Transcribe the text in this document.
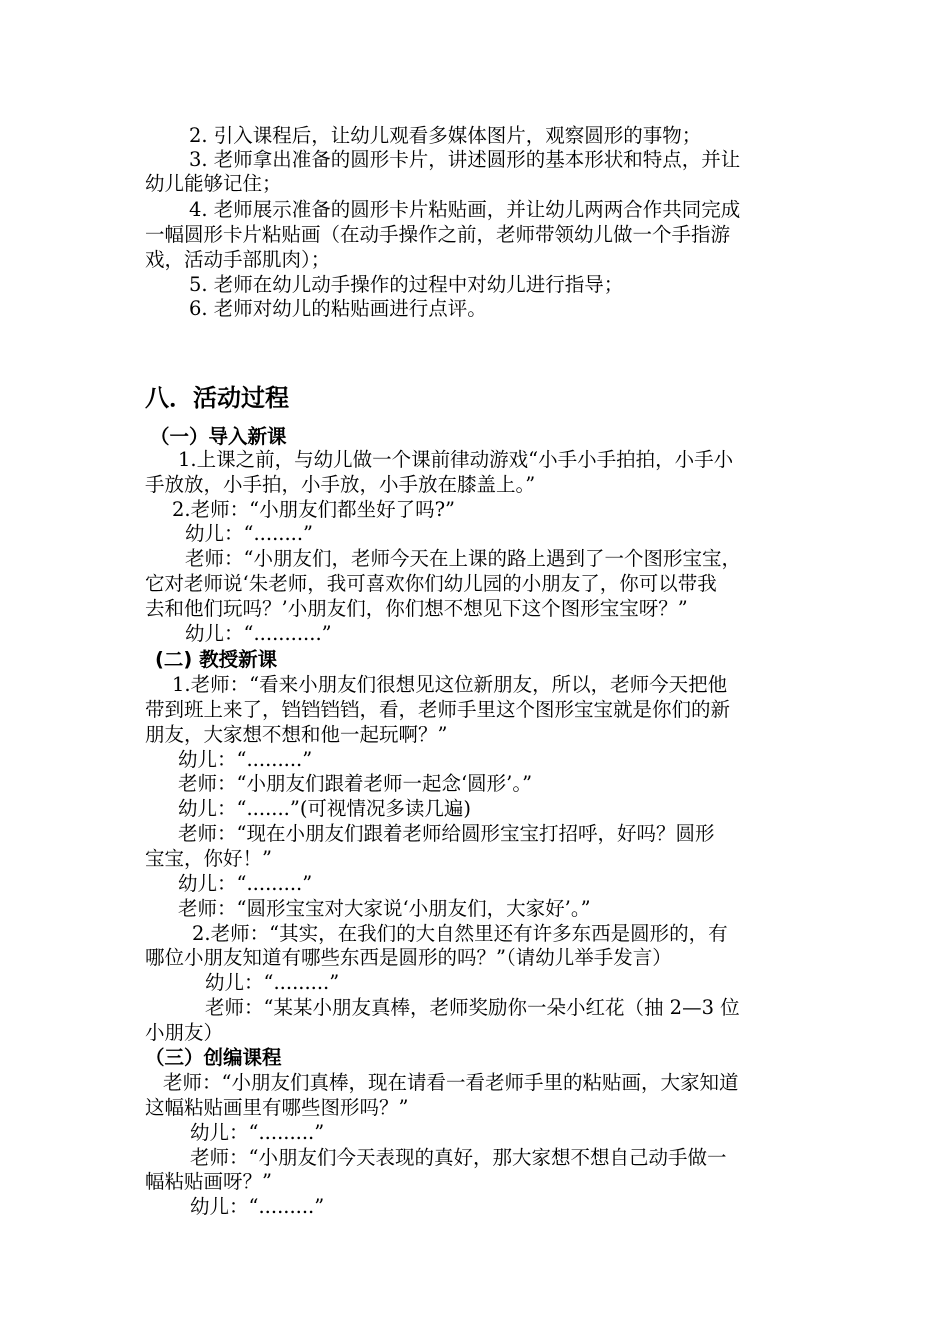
2. 引入课程后，让幼儿观看多媒体图片，观察圆形的事物；
3. 老师拿出准备的圆形卡片，讲述圆形的基本形状和特点，并让
幼儿能够记住；
4. 老师展示准备的圆形卡片粘贴画，并让幼儿两两合作共同完成
一幅圆形卡片粘贴画（在动手操作之前，老师带领幼儿做一个手指游
戏，活动手部肌肉）；
5. 老师在幼儿动手操作的过程中对幼儿进行指导；
6. 老师对幼儿的粘贴画进行点评。
八．活动过程
（一）导入新课
1.上课之前，与幼儿做一个课前律动游戏“小手小手拍拍，小手小
手放放，小手拍，小手放，小手放在膝盖上。”
2.老师：“小朋友们都坐好了吗?”
幼儿：“........”
老师：“小朋友们，老师今天在上课的路上遇到了一个图形宝宝，
它对老师说‘朱老师，我可喜欢你们幼儿园的小朋友了，你可以带我
去和他们玩吗？’小朋友们，你们想不想见下这个图形宝宝呀？”
幼儿：“...........”
(二) 教授新课
1.老师：“看来小朋友们很想见这位新朋友，所以，老师今天把他
带到班上来了，铛铛铛铛，看，老师手里这个图形宝宝就是你们的新
朋友，大家想不想和他一起玩啊？”
幼儿：“.........”
老师：“小朋友们跟着老师一起念‘圆形’。”
幼儿：“.......”(可视情况多读几遍)
老师：“现在小朋友们跟着老师给圆形宝宝打招呼，好吗？圆形
宝宝，你好！”
幼儿：“.........”
老师：“圆形宝宝对大家说‘小朋友们，大家好’。”
2.老师：“其实，在我们的大自然里还有许多东西是圆形的，有
哪位小朋友知道有哪些东西是圆形的吗？”（请幼儿举手发言）
幼儿：“.........”
老师：“某某小朋友真棒，老师奖励你一朵小红花（抽 2—3 位
小朋友）
（三）创编课程
老师：“小朋友们真棒，现在请看一看老师手里的粘贴画，大家知道
这幅粘贴画里有哪些图形吗？”
幼儿：“.........”
老师：“小朋友们今天表现的真好，那大家想不想自己动手做一
幅粘贴画呀？”
幼儿：“.........”
